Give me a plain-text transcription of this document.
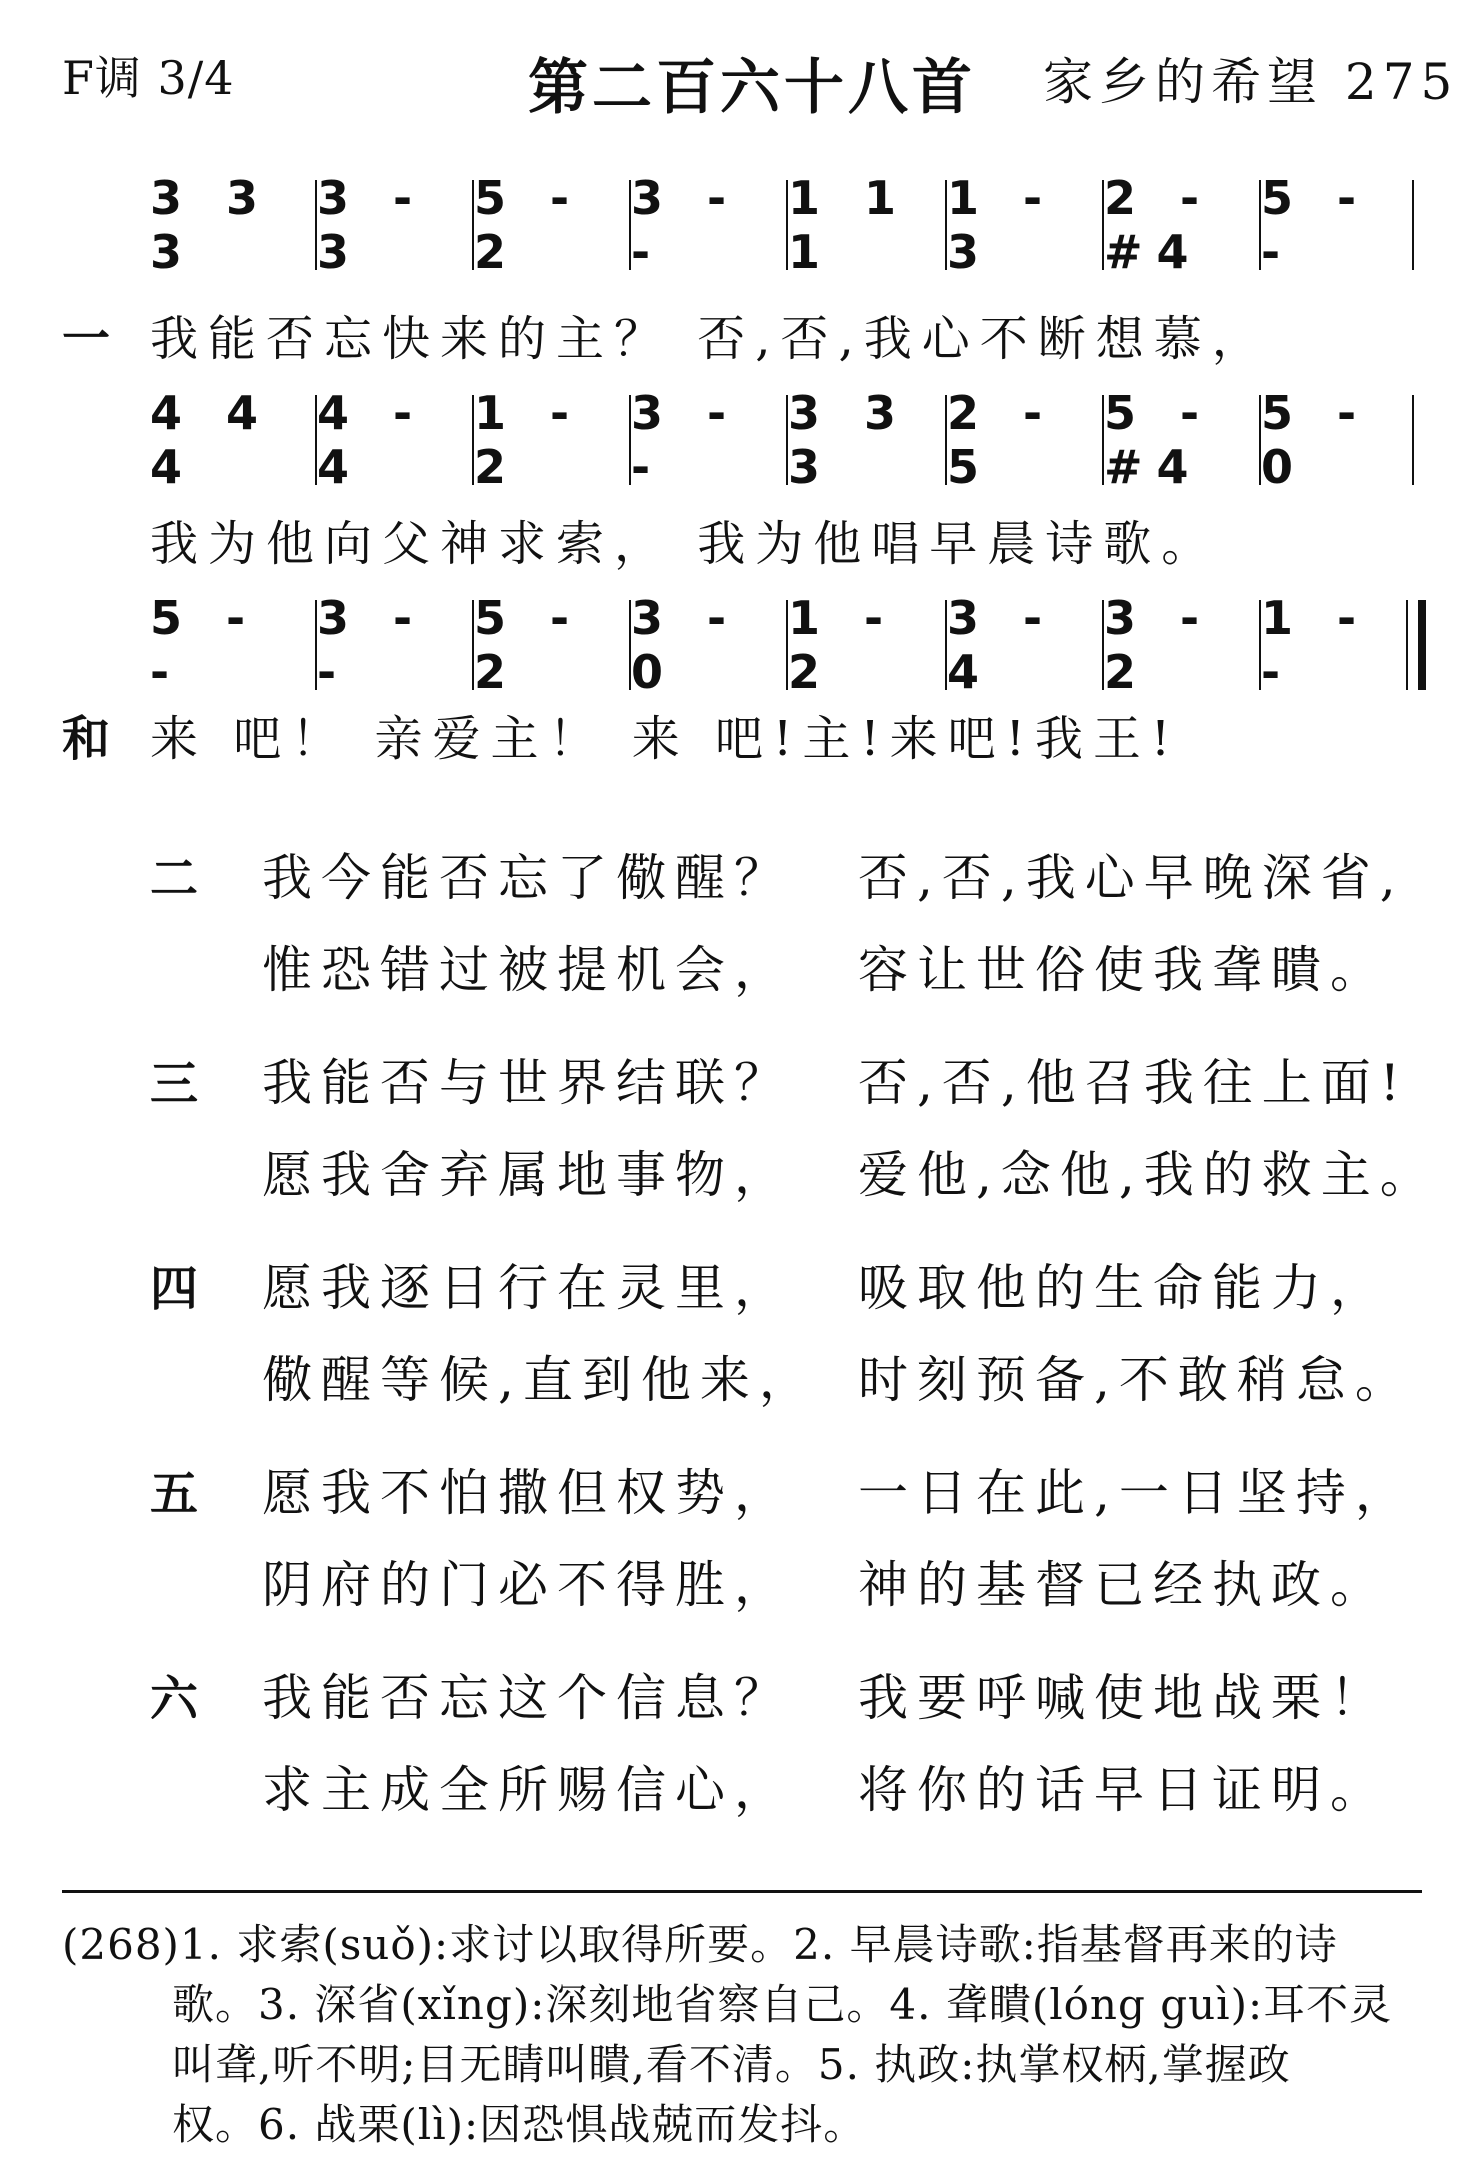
F调 3/4	第二百六十八首 家乡的希望 275
3 3 3
3 - 3
5 - 2
3 - -
1 1 1
1 - 3
2 - #4
5 - -
一 我能否忘快来的主？ 否,否,我心不断想慕，
4 4 4
4 - 4
1 - 2
3 - -
3 3 3
2 - 5
5 - #4
5 - 0
我为他向父神求索， 我为他唱早晨诗歌。
5 - -
3 - -
5 - 2
3 - 0
1 - 2
3 - 4
3 - 2
1 - -
和 来 吧！ 亲爱主！ 来 吧!主!来吧!我王!
二 我今能否忘了儆醒？ 否,否,我心早晚深省,
惟恐错过被提机会， 容让世俗使我聋瞶。
三 我能否与世界结联？ 否,否,他召我往上面!
愿我舍弃属地事物， 爱他,念他,我的救主。
四 愿我逐日行在灵里， 吸取他的生命能力，
儆醒等候,直到他来， 时刻预备,不敢稍怠。
五 愿我不怕撒但权势， 一日在此,一日坚持，
阴府的门必不得胜， 神的基督已经执政。
六 我能否忘这个信息？ 我要呼喊使地战栗！
求主成全所赐信心， 将你的话早日证明。
(268)1. 求索(suǒ):求讨以取得所要。2. 早晨诗歌:指基督再来的诗
歌。3. 深省(xǐng):深刻地省察自己。4. 聋瞶(lóng guì):耳不灵
叫聋,听不明;目无睛叫瞶,看不清。5. 执政:执掌权柄,掌握政
权。6. 战栗(lì):因恐惧战兢而发抖。
